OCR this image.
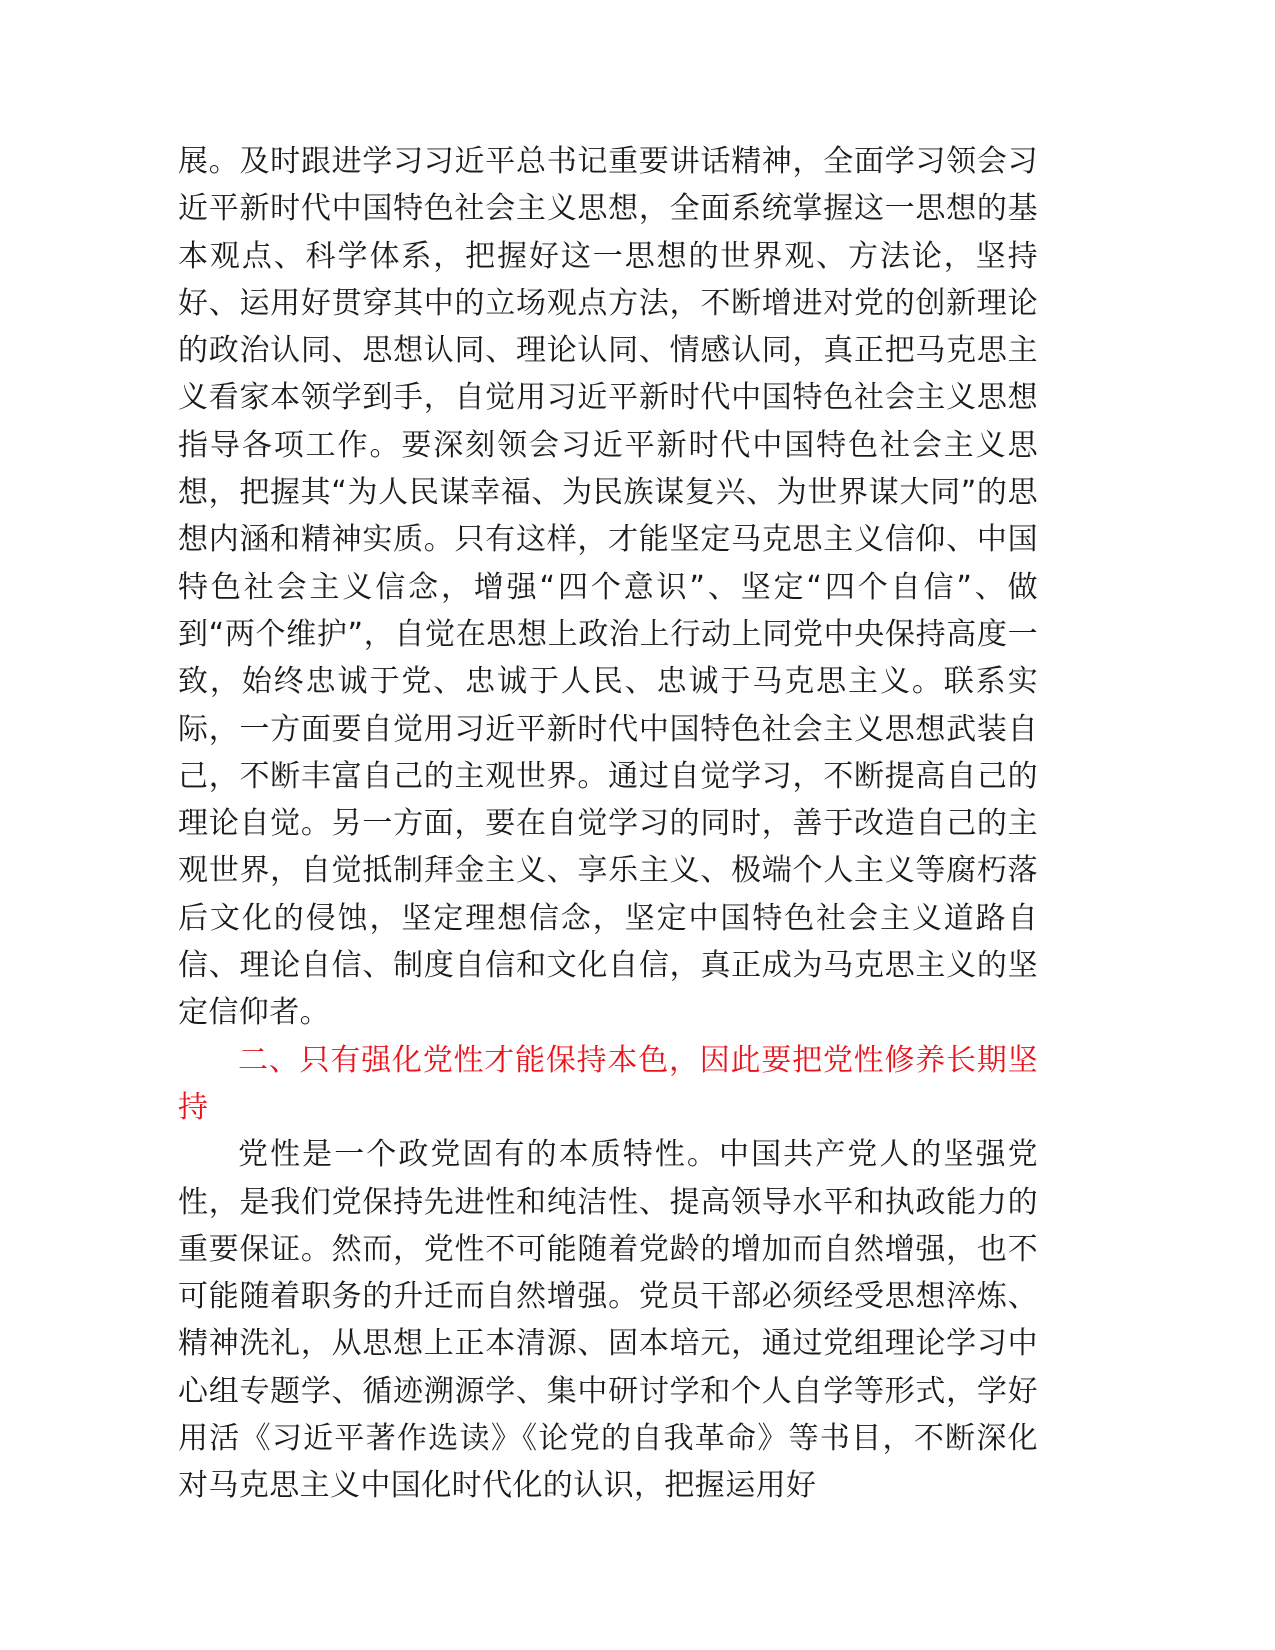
展。及时跟进学习习近平总书记重要讲话精神，全面学习领会习近平新时代中国特色社会主义思想，全面系统掌握这一思想的基本观点、科学体系，把握好这一思想的世界观、方法论，坚持好、运用好贯穿其中的立场观点方法，不断增进对党的创新理论的政治认同、思想认同、理论认同、情感认同，真正把马克思主义看家本领学到手，自觉用习近平新时代中国特色社会主义思想指导各项工作。要深刻领会习近平新时代中国特色社会主义思想，把握其“为人民谋幸福、为民族谋复兴、为世界谋大同”的思想内涵和精神实质。只有这样，才能坚定马克思主义信仰、中国特色社会主义信念，增强“四个意识”、坚定“四个自信”、做到“两个维护”，自觉在思想上政治上行动上同党中央保持高度一致，始终忠诚于党、忠诚于人民、忠诚于马克思主义。联系实际，一方面要自觉用习近平新时代中国特色社会主义思想武装自己，不断丰富自己的主观世界。通过自觉学习，不断提高自己的理论自觉。另一方面，要在自觉学习的同时，善于改造自己的主观世界，自觉抵制拜金主义、享乐主义、极端个人主义等腐朽落后文化的侵蚀，坚定理想信念，坚定中国特色社会主义道路自信、理论自信、制度自信和文化自信，真正成为马克思主义的坚定信仰者。

二、只有强化党性才能保持本色，因此要把党性修养长期坚持

党性是一个政党固有的本质特性。中国共产党人的坚强党性，是我们党保持先进性和纯洁性、提高领导水平和执政能力的重要保证。然而，党性不可能随着党龄的增加而自然增强，也不可能随着职务的升迁而自然增强。党员干部必须经受思想淬炼、精神洗礼，从思想上正本清源、固本培元，通过党组理论学习中心组专题学、循迹溯源学、集中研讨学和个人自学等形式，学好用活《习近平著作选读》《论党的自我革命》等书目，不断深化对马克思主义中国化时代化的认识，把握运用好
